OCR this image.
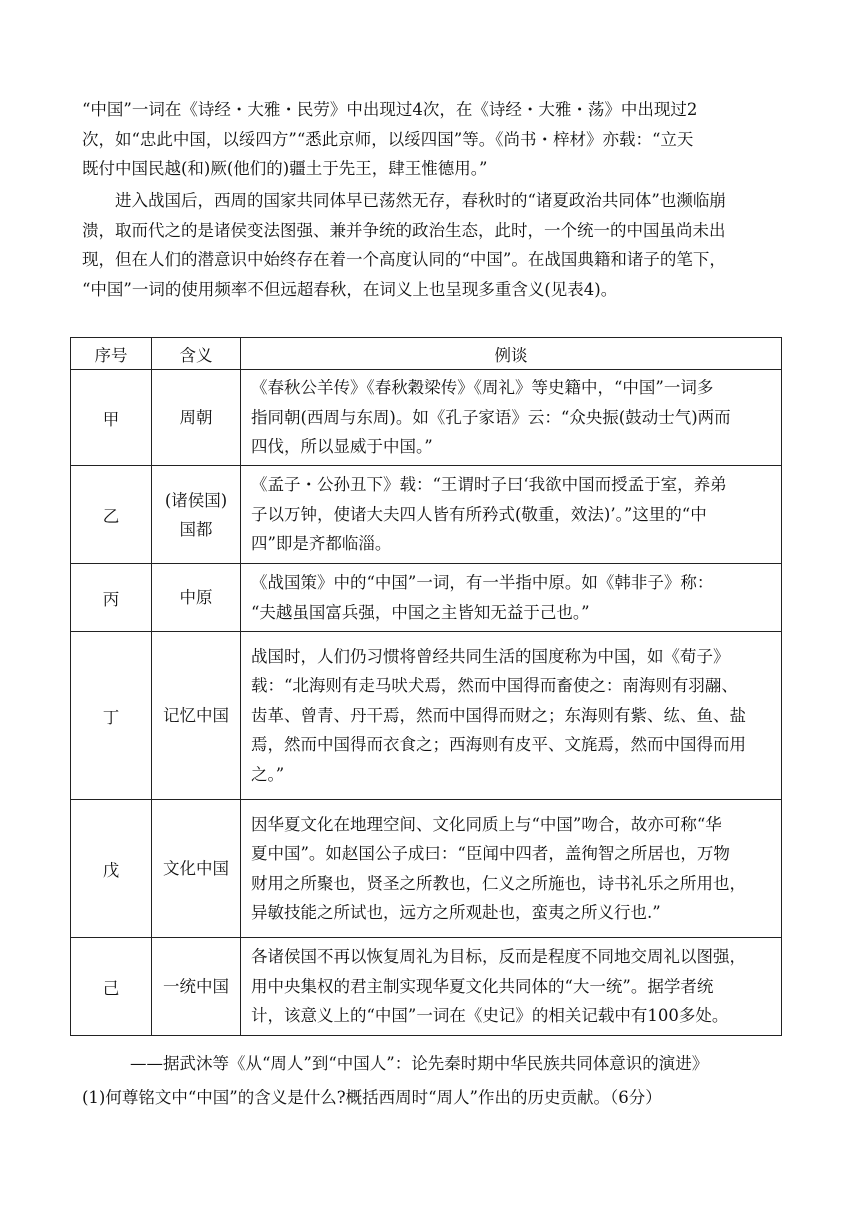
“中国”一词在《诗经・大雅・民劳》中出现过4次，在《诗经・大雅・荡》中出现过2
次，如“忠此中国，以绥四方”“悉此京师，以绥四国”等。《尚书・梓材》亦载：“立天
既付中国民越(和)厥(他们的)疆土于先王，肆王惟德用。”
进入战国后，西周的国家共同体早已荡然无存，春秋时的“诸夏政治共同体”也濒临崩
溃，取而代之的是诸侯变法图强、兼并争统的政治生态，此时，一个统一的中国虽尚未出
现，但在人们的潜意识中始终存在着一个高度认同的“中国”。在战国典籍和诸子的笔下，
“中国”一词的使用频率不但远超春秋，在词义上也呈现多重含义(见表4)。
序号	含义	例谈
甲	周朝	《春秋公羊传》《春秋穀梁传》《周礼》等史籍中，“中国”一词多
指同朝(西周与东周)。如《孔子家语》云：“众央振(鼓动士气)两而
四伐，所以显威于中国。”

乙	(诸侯国)
国都	《孟子・公孙丑下》载：“王谓时子曰‘我欲中国而授孟于室，养弟
子以万钟，使诸大夫四人皆有所矜式(敬重，效法)’。”这里的“中
四”即是齐都临淄。

丙	中原	《战国策》中的“中国”一词，有一半指中原。如《韩非子》称：
“夫越虽国富兵强，中国之主皆知无益于己也。”

丁	记忆中国	战国时，人们仍习惯将曾经共同生活的国度称为中国，如《荀子》
载：“北海则有走马吠犬焉，然而中国得而畜使之：南海则有羽翮、
齿革、曾青、丹干焉，然而中国得而财之；东海则有紫、纮、鱼、盐
焉，然而中国得而衣食之；西海则有皮平、文旄焉，然而中国得而用
之。”

戊	文化中国	因华夏文化在地理空间、文化同质上与“中国”吻合，故亦可称“华
夏中国”。如赵国公子成曰：“臣闻中四者，盖徇智之所居也，万物
财用之所聚也，贤圣之所教也，仁义之所施也，诗书礼乐之所用也，
异敏技能之所试也，远方之所观赴也，蛮夷之所义行也.”

己	一统中国	各诸侯国不再以恢复周礼为目标，反而是程度不同地交周礼以图强，
用中央集权的君主制实现华夏文化共同体的“大一统”。据学者统
计，该意义上的“中国”一词在《史记》的相关记载中有100多处。
——据武沐等《从“周人”到“中国人”：论先秦时期中华民族共同体意识的演进》
(1)何尊铭文中“中国”的含义是什么?概括西周时“周人”作出的历史贡献。（6分）
